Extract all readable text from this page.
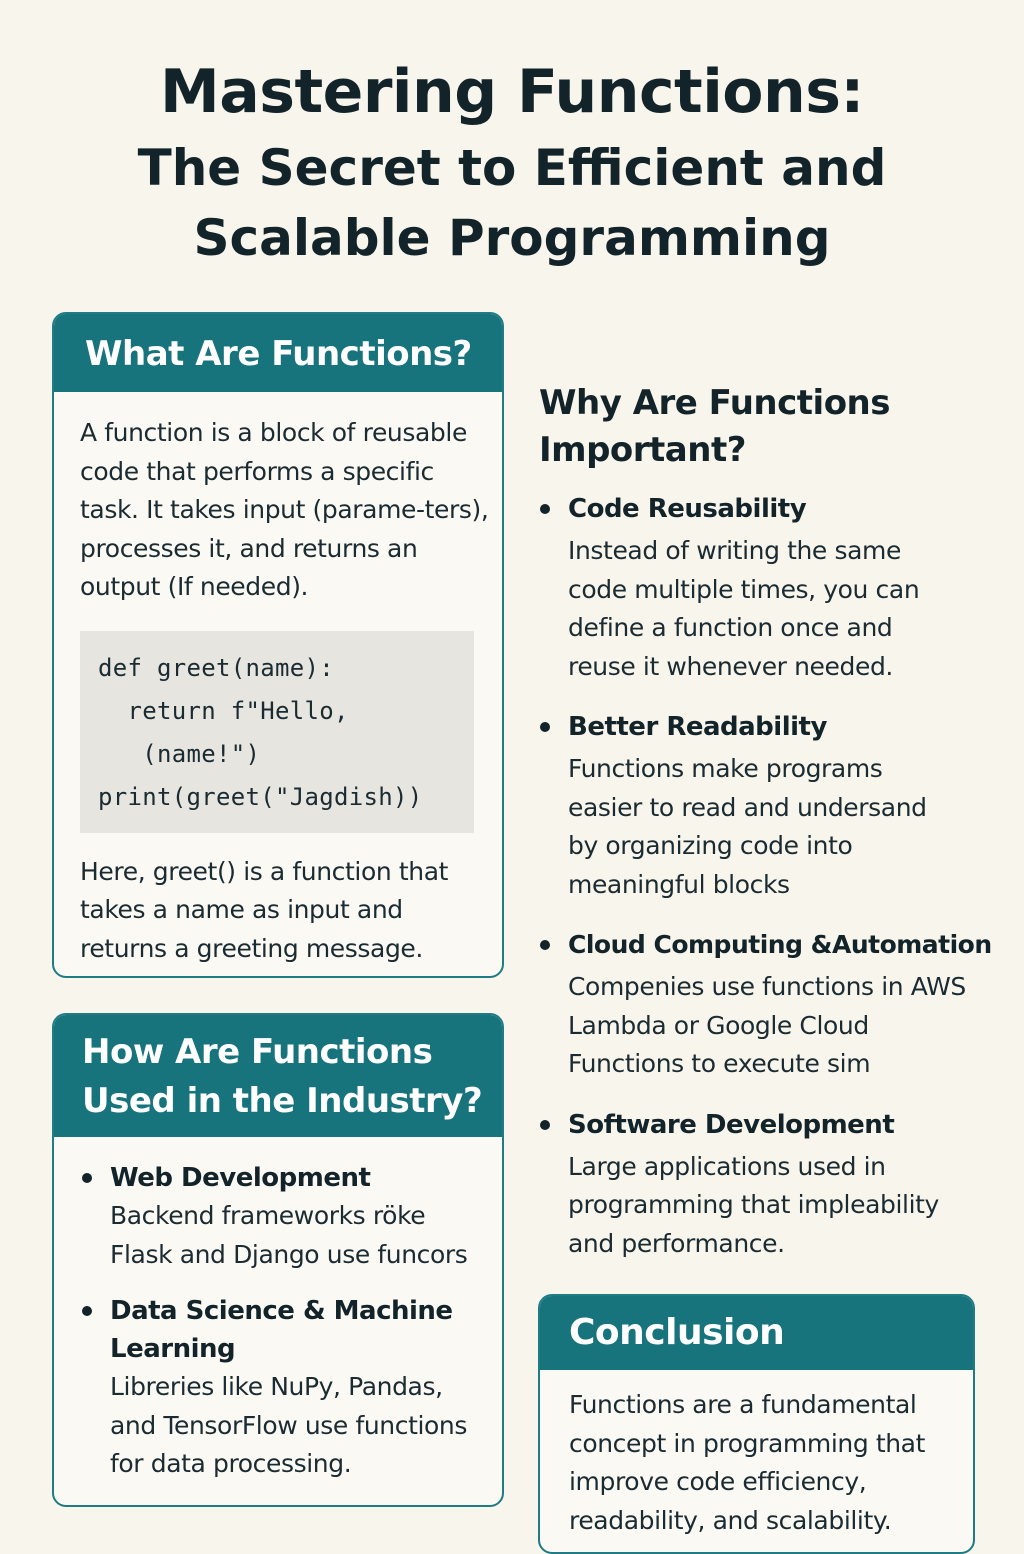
Mastering Functions:
The Secret to Efficient and
Scalable Programming
What Are Functions?
A function is a block of reusable code that performs a specific task. It takes input (parame-ters), processes it, and returns an output (If needed).
def greet(name):
return f"Hello,
(name!")
print(greet("Jagdish))
Here, greet() is a function that takes a name as input and returns a greeting message.
How Are Functions
Used in the Industry?
Web Development
Backend frameworks röke Flask and Django use funcors
Data Science & Machine Learning
Libreries like NuPy, Pandas, and TensorFlow use functions for data processing.
Why Are Functions
Important?
Code Reusability
Instead of writing the same code multiple times, you can define a function once and reuse it whenever needed.
Better Readability
Functions make programs easier to read and undersand by organizing code into meaningful blocks
Cloud Computing &Automation
Compenies use functions in AWS Lambda or Google Cloud Functions to execute sim
Software Development
Large applications used in programming that impleability and performance.
Conclusion
Functions are a fundamental concept in programming that improve code efficiency, readability, and scalability.
